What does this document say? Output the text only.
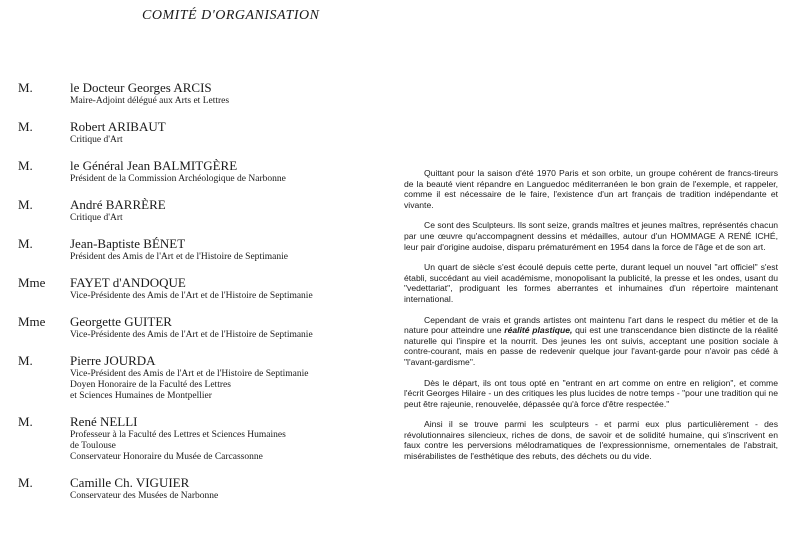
COMITÉ D'ORGANISATION
M.	le Docteur Georges ARCIS
Maire-Adjoint délégué aux Arts et Lettres
M.	Robert ARIBAUT
Critique d'Art
M.	le Général Jean BALMITGÈRE
Président de la Commission Archéologique de Narbonne
M.	André BARRÈRE
Critique d'Art
M.	Jean-Baptiste BÉNET
Président des Amis de l'Art et de l'Histoire de Septimanie
Mme FAYET d'ANDOQUE
Vice-Présidente des Amis de l'Art et de l'Histoire de Septimanie
Mme Georgette GUITER
Vice-Présidente des Amis de l'Art et de l'Histoire de Septimanie
M.	Pierre JOURDA
Vice-Président des Amis de l'Art et de l'Histoire de Septimanie
Doyen Honoraire de la Faculté des Lettres
et Sciences Humaines de Montpellier
M.	René NELLI
Professeur à la Faculté des Lettres et Sciences Humaines
de Toulouse
Conservateur Honoraire du Musée de Carcassonne
M.	Camille Ch. VIGUIER
Conservateur des Musées de Narbonne

Quittant pour la saison d'été 1970 Paris et son orbite, un groupe cohérent de francs-tireurs de la beauté vient répandre en Languedoc méditerranéen le bon grain de l'exemple, et rappeler, comme il est nécessaire de le faire, l'existence d'un art français de tradition indépendante et vivante.

Ce sont des Sculpteurs. Ils sont seize, grands maîtres et jeunes maîtres, représentés chacun par une œuvre qu'accompagnent dessins et médailles, autour d'un HOMMAGE A RENÉ ICHÉ, leur pair d'origine audoise, disparu prématurément en 1954 dans la force de l'âge et de son art.

Un quart de siècle s'est écoulé depuis cette perte, durant lequel un nouvel "art officiel" s'est établi, succédant au vieil académisme, monopolisant la publicité, la presse et les ondes, usant du "vedettariat", prodiguant les formes aberrantes et inhumaines d'un répertoire maintenant international.

Cependant de vrais et grands artistes ont maintenu l'art dans le respect du métier et de la nature pour atteindre une réalité plastique, qui est une transcendance bien distincte de la réalité naturelle qui l'inspire et la nourrit. Des jeunes les ont suivis, acceptant une position sociale à contre-courant, mais en passe de redevenir quelque jour l'avant-garde pour n'avoir pas cédé à "l'avant-gardisme".

Dès le départ, ils ont tous opté en "entrant en art comme on entre en religion", et comme l'écrit Georges Hilaire - un des critiques les plus lucides de notre temps - "pour une tradition qui ne peut être rajeunie, renouvelée, dépassée qu'à force d'être respectée."

Ainsi il se trouve parmi les sculpteurs - et parmi eux plus particulièrement - des révolutionnaires silencieux, riches de dons, de savoir et de solidité humaine, qui s'inscrivent en faux contre les perversions mélodramatiques de l'expressionnisme, ornementales de l'abstrait, misérabilistes de l'esthétique des rebuts, des déchets ou du vide.
